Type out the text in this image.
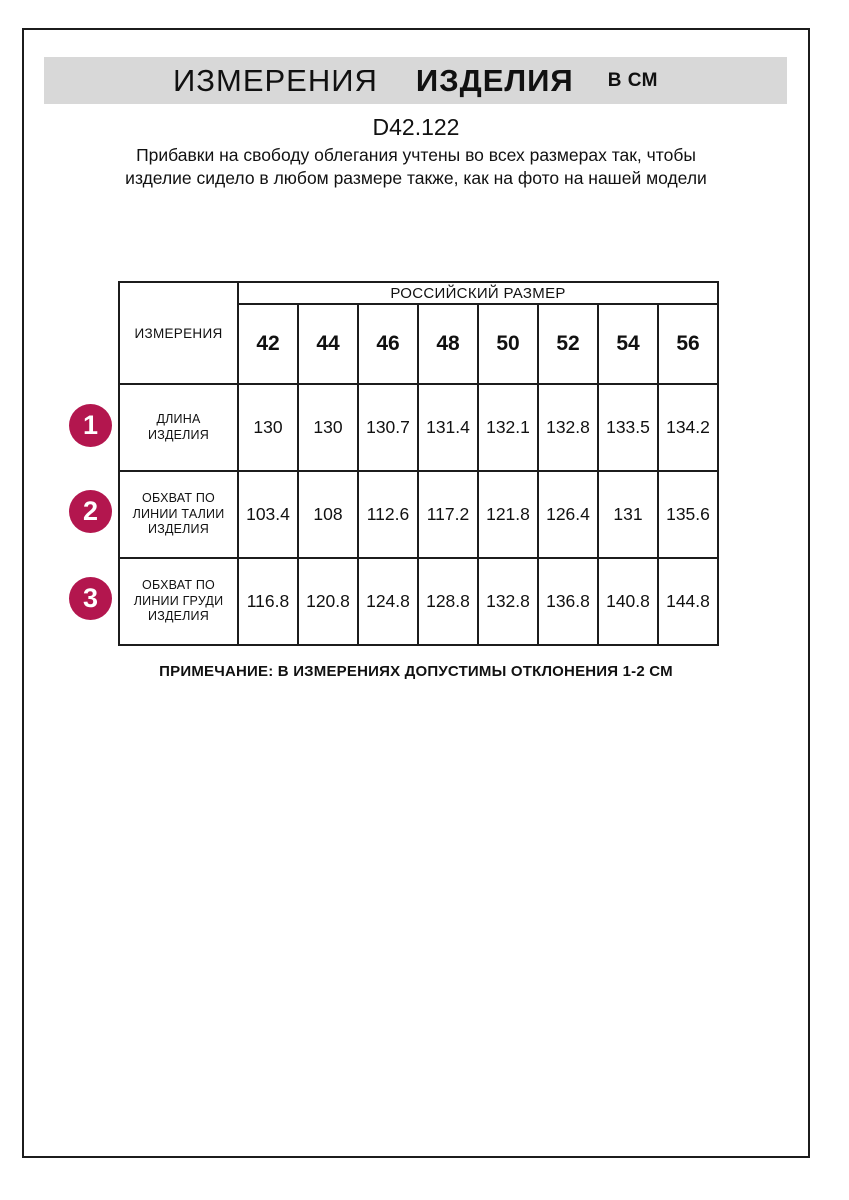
ИЗМЕРЕНИЯ ИЗДЕЛИЯ В СМ
D42.122
Прибавки на свободу облегания учтены во всех размерах так, чтобы изделие сидело в любом размере также, как на фото на нашей модели
ИЗМЕРЕНИЯ	РОССИЙСКИЙ РАЗМЕР							
	42	44	46	48	50	52	54	56
ДЛИНА ИЗДЕЛИЯ	130	130	130.7	131.4	132.1	132.8	133.5	134.2
ОБХВАТ ПО ЛИНИИ ТАЛИИ ИЗДЕЛИЯ	103.4	108	112.6	117.2	121.8	126.4	131	135.6
ОБХВАТ ПО ЛИНИИ ГРУДИ ИЗДЕЛИЯ	116.8	120.8	124.8	128.8	132.8	136.8	140.8	144.8
1
2
3
ПРИМЕЧАНИЕ: В ИЗМЕРЕНИЯХ ДОПУСТИМЫ ОТКЛОНЕНИЯ 1-2 СМ
